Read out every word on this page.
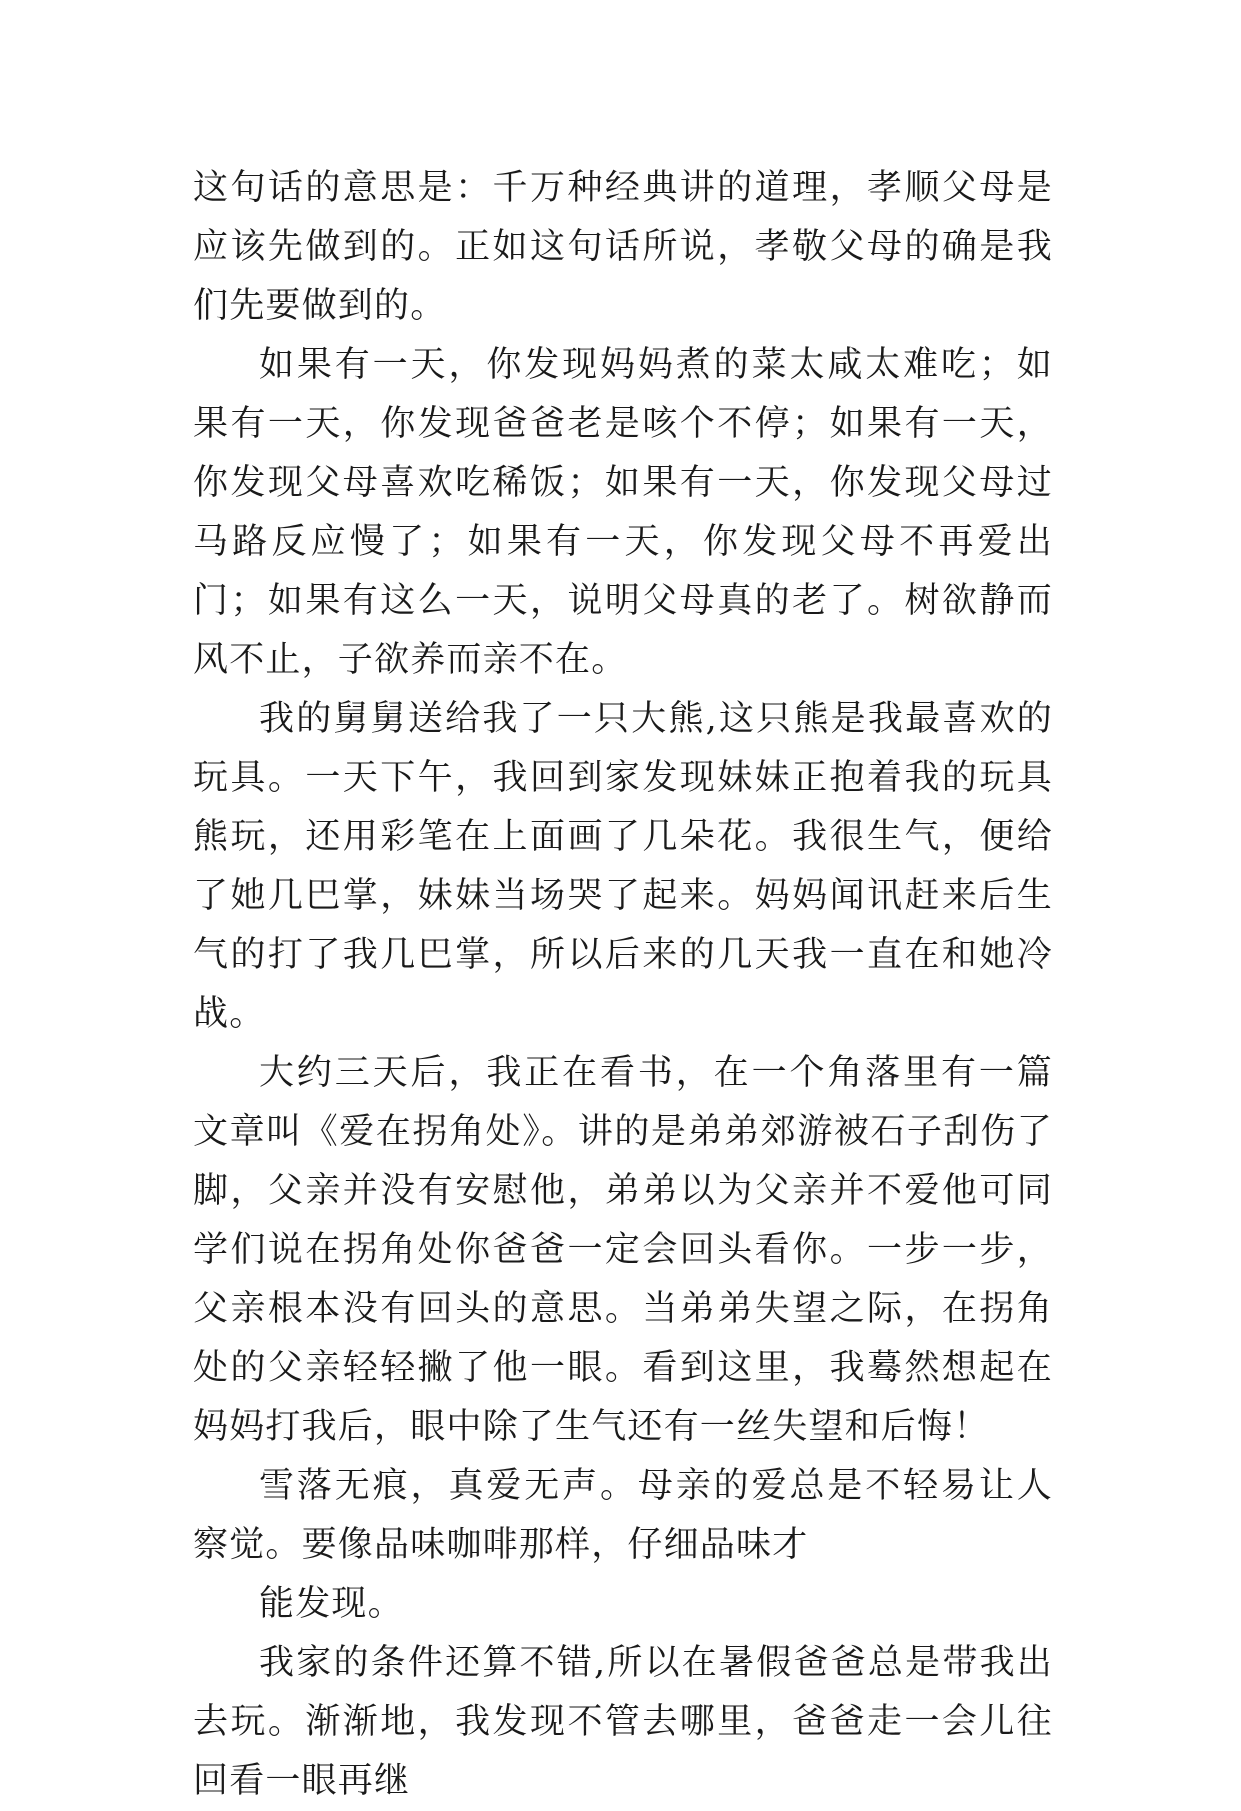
这句话的意思是：千万种经典讲的道理，孝顺父母是应该先做到的。正如这句话所说，孝敬父母的确是我们先要做到的。

如果有一天，你发现妈妈煮的菜太咸太难吃；如果有一天，你发现爸爸老是咳个不停；如果有一天，你发现父母喜欢吃稀饭；如果有一天，你发现父母过马路反应慢了；如果有一天，你发现父母不再爱出门；如果有这么一天，说明父母真的老了。树欲静而风不止，子欲养而亲不在。

我的舅舅送给我了一只大熊,这只熊是我最喜欢的玩具。一天下午，我回到家发现妹妹正抱着我的玩具熊玩，还用彩笔在上面画了几朵花。我很生气，便给了她几巴掌，妹妹当场哭了起来。妈妈闻讯赶来后生气的打了我几巴掌，所以后来的几天我一直在和她冷战。

大约三天后，我正在看书，在一个角落里有一篇文章叫《爱在拐角处》。讲的是弟弟郊游被石子刮伤了脚，父亲并没有安慰他，弟弟以为父亲并不爱他可同学们说在拐角处你爸爸一定会回头看你。一步一步，父亲根本没有回头的意思。当弟弟失望之际，在拐角处的父亲轻轻撇了他一眼。看到这里，我蓦然想起在妈妈打我后，眼中除了生气还有一丝失望和后悔！

雪落无痕，真爱无声。母亲的爱总是不轻易让人察觉。要像品味咖啡那样，仔细品味才

能发现。

我家的条件还算不错,所以在暑假爸爸总是带我出去玩。渐渐地，我发现不管去哪里，爸爸走一会儿往回看一眼再继
